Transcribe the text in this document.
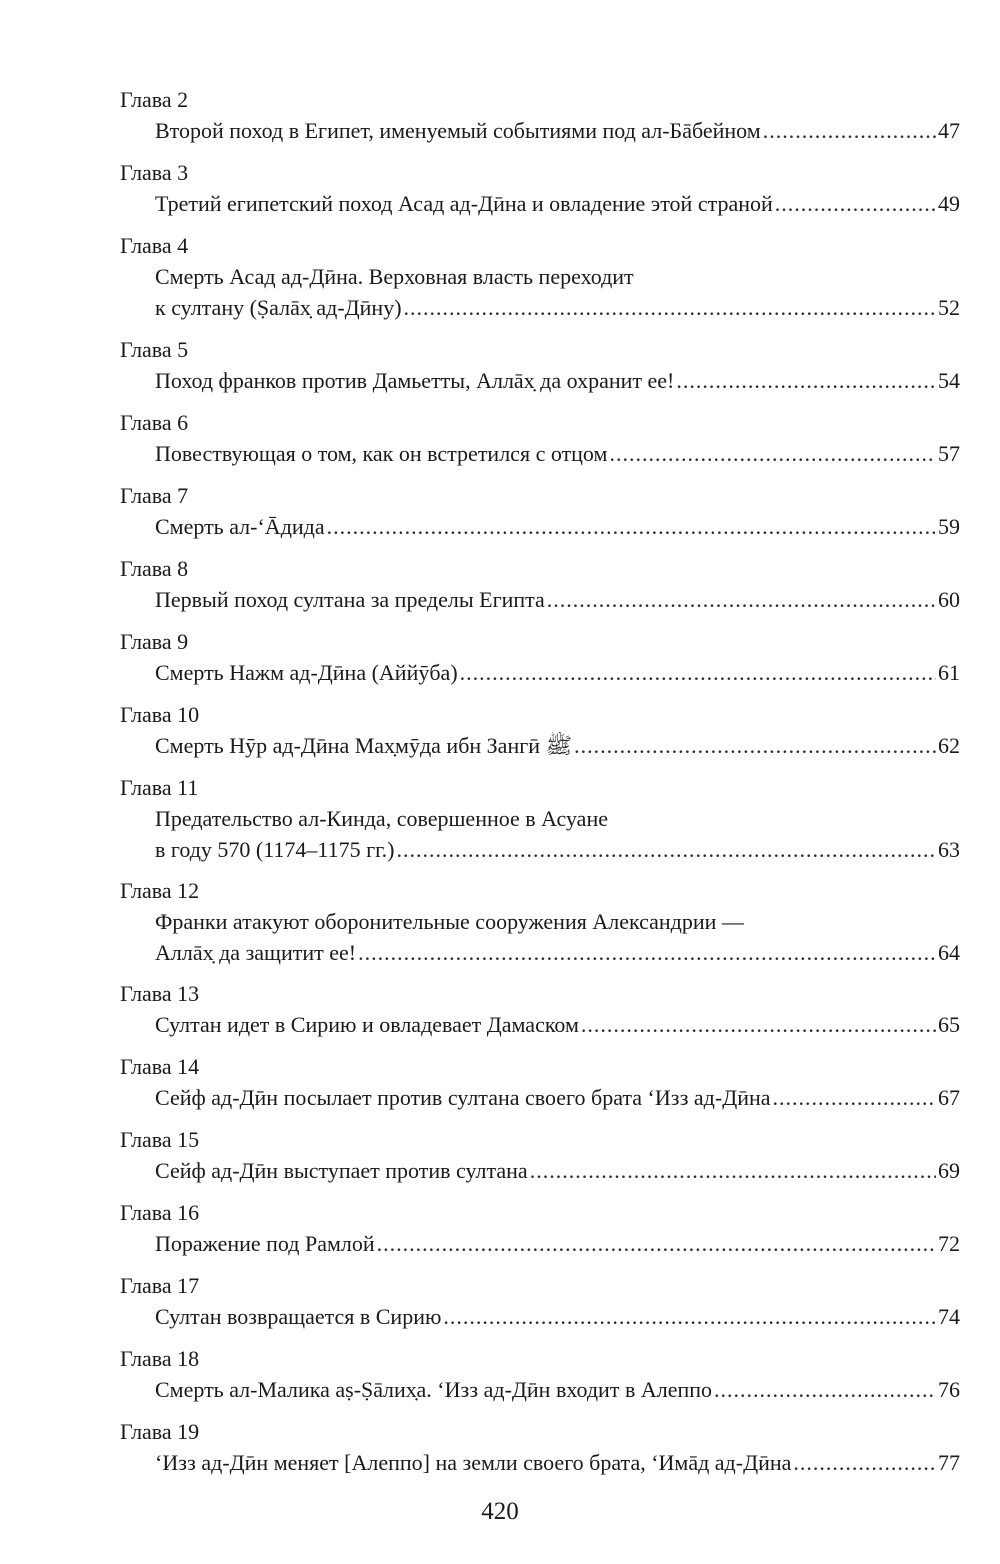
Глава 2
Второй поход в Египет, именуемый событиями под ал-Бāбейном .....	47
Глава 3
Третий египетский поход Асад ад-Дӣна и овладение этой страной .....	49
Глава 4
Смерть Асад ад-Дӣна. Верховная власть переходит
к султану (Ṣалāх̣ ад-Дӣну) .....	52
Глава 5
Поход франков против Дамьетты, Аллāх̣ да охранит ее! .....	54
Глава 6
Повествующая о том, как он встретился с отцом .....	57
Глава 7
Смерть ал-‘Āдида .....	59
Глава 8
Первый поход султана за пределы Египта .....	60
Глава 9
Смерть Нажм ад-Дӣна (Аййӯба) .....	61
Глава 10
Смерть Нӯр ад-Дӣна Мах̣мӯда ибн Зангӣ ﷺ .....	62
Глава 11
Предательство ал-Кинда, совершенное в Асуане
в году 570 (1174–1175 гг.) .....	63
Глава 12
Франки атакуют оборонительные сооружения Александрии —
Аллāх̣ да защитит ее! .....	64
Глава 13
Султан идет в Сирию и овладевает Дамаском .....	65
Глава 14
Сейф ад-Дӣн посылает против султана своего брата ‘Изз ад-Дӣна .....	67
Глава 15
Сейф ад-Дӣн выступает против султана .....	69
Глава 16
Поражение под Рамлой .....	72
Глава 17
Султан возвращается в Сирию .....	74
Глава 18
Смерть ал-Малика аṣ-Ṣāлих̣а. ‘Изз ад-Дӣн входит в Алеппо .....	76
Глава 19
‘Изз ад-Дӣн меняет [Алеппо] на земли своего брата, ‘Имāд ад-Дӣна .....	77
420
